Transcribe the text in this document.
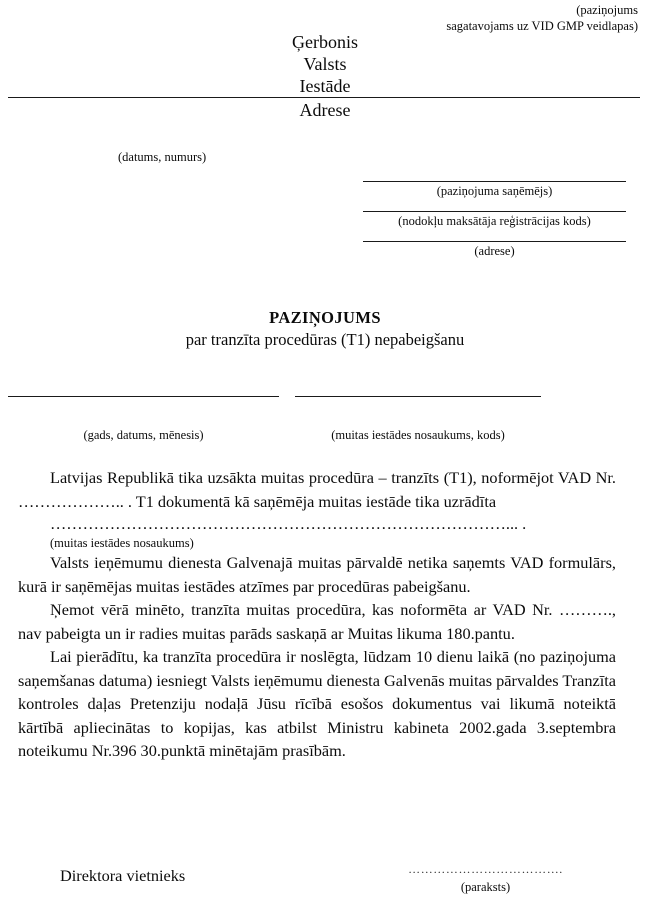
(paziņojums
sagatavojams uz VID GMP veidlapas)
Ģerbonis
Valsts
Iestāde
Adrese
(datums, numurs)
(paziņojuma saņēmējs)
(nodokļu maksātāja reģistrācijas kods)
(adrese)
PAZIŅOJUMS
par tranzīta procedūras (T1) nepabeigšanu
(gads, datums, mēnesis)	(muitas iestādes nosaukums, kods)

Latvijas Republikā tika uzsākta muitas procedūra – tranzīts (T1), noformējot VAD Nr. ……………….. . T1 dokumentā kā saņēmēja muitas iestāde tika uzrādīta

…………………………………………………………………………... .

(muitas iestādes nosaukums)

Valsts ieņēmumu dienesta Galvenajā muitas pārvaldē netika saņemts VAD formulārs, kurā ir saņēmējas muitas iestādes atzīmes par procedūras pabeigšanu.

Ņemot vērā minēto, tranzīta muitas procedūra, kas noformēta ar VAD Nr. ………., nav pabeigta un ir radies muitas parāds saskaņā ar Muitas likuma 180.pantu.

Lai pierādītu, ka tranzīta procedūra ir noslēgta, lūdzam 10 dienu laikā (no paziņojuma saņemšanas datuma) iesniegt Valsts ieņēmumu dienesta Galvenās muitas pārvaldes Tranzīta kontroles daļas Pretenziju nodaļā Jūsu rīcībā esošos dokumentus vai likumā noteiktā kārtībā apliecinātas to kopijas, kas atbilst Ministru kabineta 2002.gada 3.septembra noteikumu Nr.396 30.punktā minētajām prasībām.

Direktora vietnieks	……………………………….
(paraksts)
